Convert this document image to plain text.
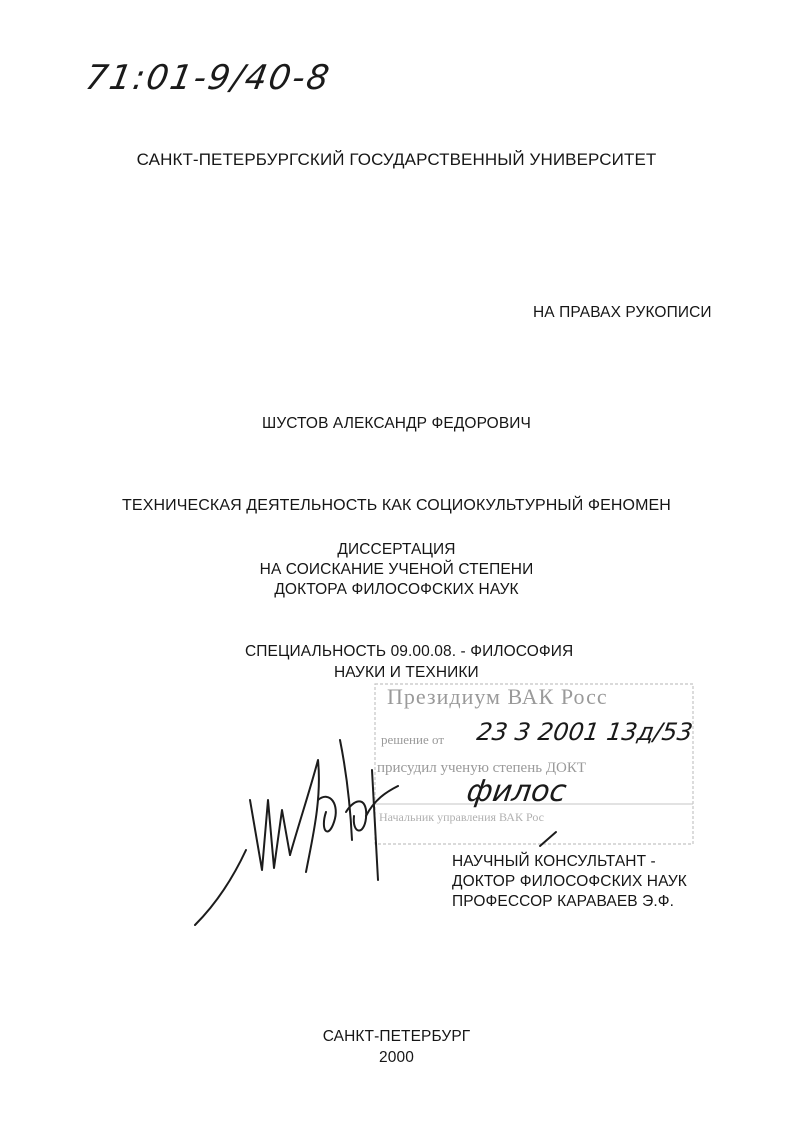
71:01-9/40-8
САНКТ-ПЕТЕРБУРГСКИЙ ГОСУДАРСТВЕННЫЙ УНИВЕРСИТЕТ
НА ПРАВАХ РУКОПИСИ
ШУСТОВ АЛЕКСАНДР ФЕДОРОВИЧ
ТЕХНИЧЕСКАЯ ДЕЯТЕЛЬНОСТЬ КАК СОЦИОКУЛЬТУРНЫЙ ФЕНОМЕН
ДИССЕРТАЦИЯ
НА СОИСКАНИЕ УЧЕНОЙ СТЕПЕНИ
ДОКТОРА ФИЛОСОФСКИХ НАУК
СПЕЦИАЛЬНОСТЬ 09.00.08. - ФИЛОСОФИЯ
НАУКИ И ТЕХНИКИ
Президиум ВАК Росс
решение от
присудил ученую степень ДОКТ
Начальник управления ВАК Рос
23 3 2001 13д/53
филос
НАУЧНЫЙ КОНСУЛЬТАНТ -
ДОКТОР ФИЛОСОФСКИХ НАУК
ПРОФЕССОР КАРАВАЕВ Э.Ф.
САНКТ-ПЕТЕРБУРГ
2000
